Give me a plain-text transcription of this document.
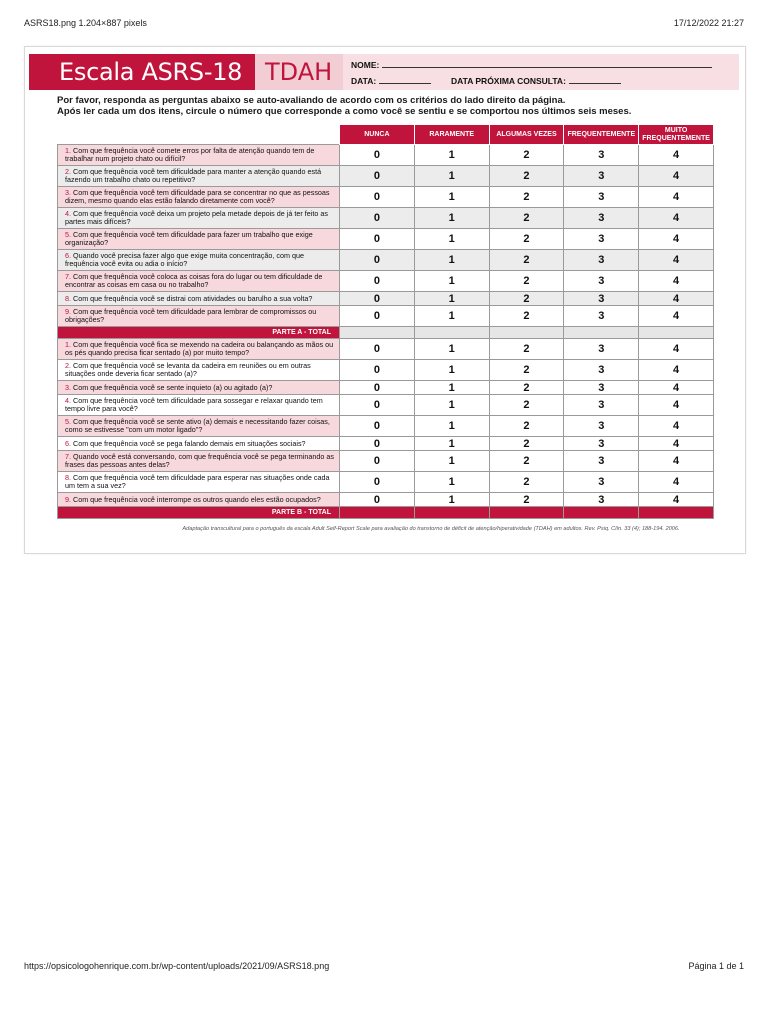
ASRS18.png 1.204×887 pixels	17/12/2022 21:27
Escala ASRS-18 TDAH NOME:
DATA:	DATA PRÓXIMA CONSULTA:
Por favor, responda as perguntas abaixo se auto-avaliando de acordo com os critérios do lado direito da página.
Após ler cada um dos itens, circule o número que corresponde a como você se sentiu e se comportou nos últimos seis meses.
	NUNCA	RARAMENTE	ALGUMAS VEZES	FREQUENTEMENTE	MUITO FREQUENTEMENTE
1. Com que frequência você comete erros por falta de atenção quando tem de trabalhar num projeto chato ou difícil?	0	1	2	3	4
2. Com que frequência você tem dificuldade para manter a atenção quando está fazendo um trabalho chato ou repetitivo?	0	1	2	3	4
3. Com que frequência você tem dificuldade para se concentrar no que as pessoas dizem, mesmo quando elas estão falando diretamente com você?	0	1	2	3	4
4. Com que frequência você deixa um projeto pela metade depois de já ter feito as partes mais difíceis?	0	1	2	3	4
5. Com que frequência você tem dificuldade para fazer um trabalho que exige organização?	0	1	2	3	4
6. Quando você precisa fazer algo que exige muita concentração, com que frequência você evita ou adia o início?	0	1	2	3	4
7. Com que frequência você coloca as coisas fora do lugar ou tem dificuldade de encontrar as coisas em casa ou no trabalho?	0	1	2	3	4
8. Com que frequência você se distrai com atividades ou barulho a sua volta?	0	1	2	3	4
9. Com que frequência você tem dificuldade para lembrar de compromissos ou obrigações?	0	1	2	3	4
PARTE A - TOTAL					
1. Com que frequência você fica se mexendo na cadeira ou balançando as mãos ou os pés quando precisa ficar sentado (a) por muito tempo?	0	1	2	3	4
2. Com que frequência você se levanta da cadeira em reuniões ou em outras situações onde deveria ficar sentado (a)?	0	1	2	3	4
3. Com que frequência você se sente inquieto (a) ou agitado (a)?	0	1	2	3	4
4. Com que frequência você tem dificuldade para sossegar e relaxar quando tem tempo livre para você?	0	1	2	3	4
5. Com que frequência você se sente ativo (a) demais e necessitando fazer coisas, como se estivesse "com um motor ligado"?	0	1	2	3	4
6. Com que frequência você se pega falando demais em situações sociais?	0	1	2	3	4
7. Quando você está conversando, com que frequência você se pega terminando as frases das pessoas antes delas?	0	1	2	3	4
8. Com que frequência você tem dificuldade para esperar nas situações onde cada um tem a sua vez?	0	1	2	3	4
9. Com que frequência você interrompe os outros quando eles estão ocupados?	0	1	2	3	4
PARTE B - TOTAL					
Adaptação transcultural para o português da escala Adult Self-Report Scale para avaliação do transtorno de déficit de atenção/hiperatividade (TDAH) em adultos. Rev. Psiq. Clín. 33 (4); 188-194. 2006.
https://opsicologohenrique.com.br/wp-content/uploads/2021/09/ASRS18.png	Página 1 de 1
